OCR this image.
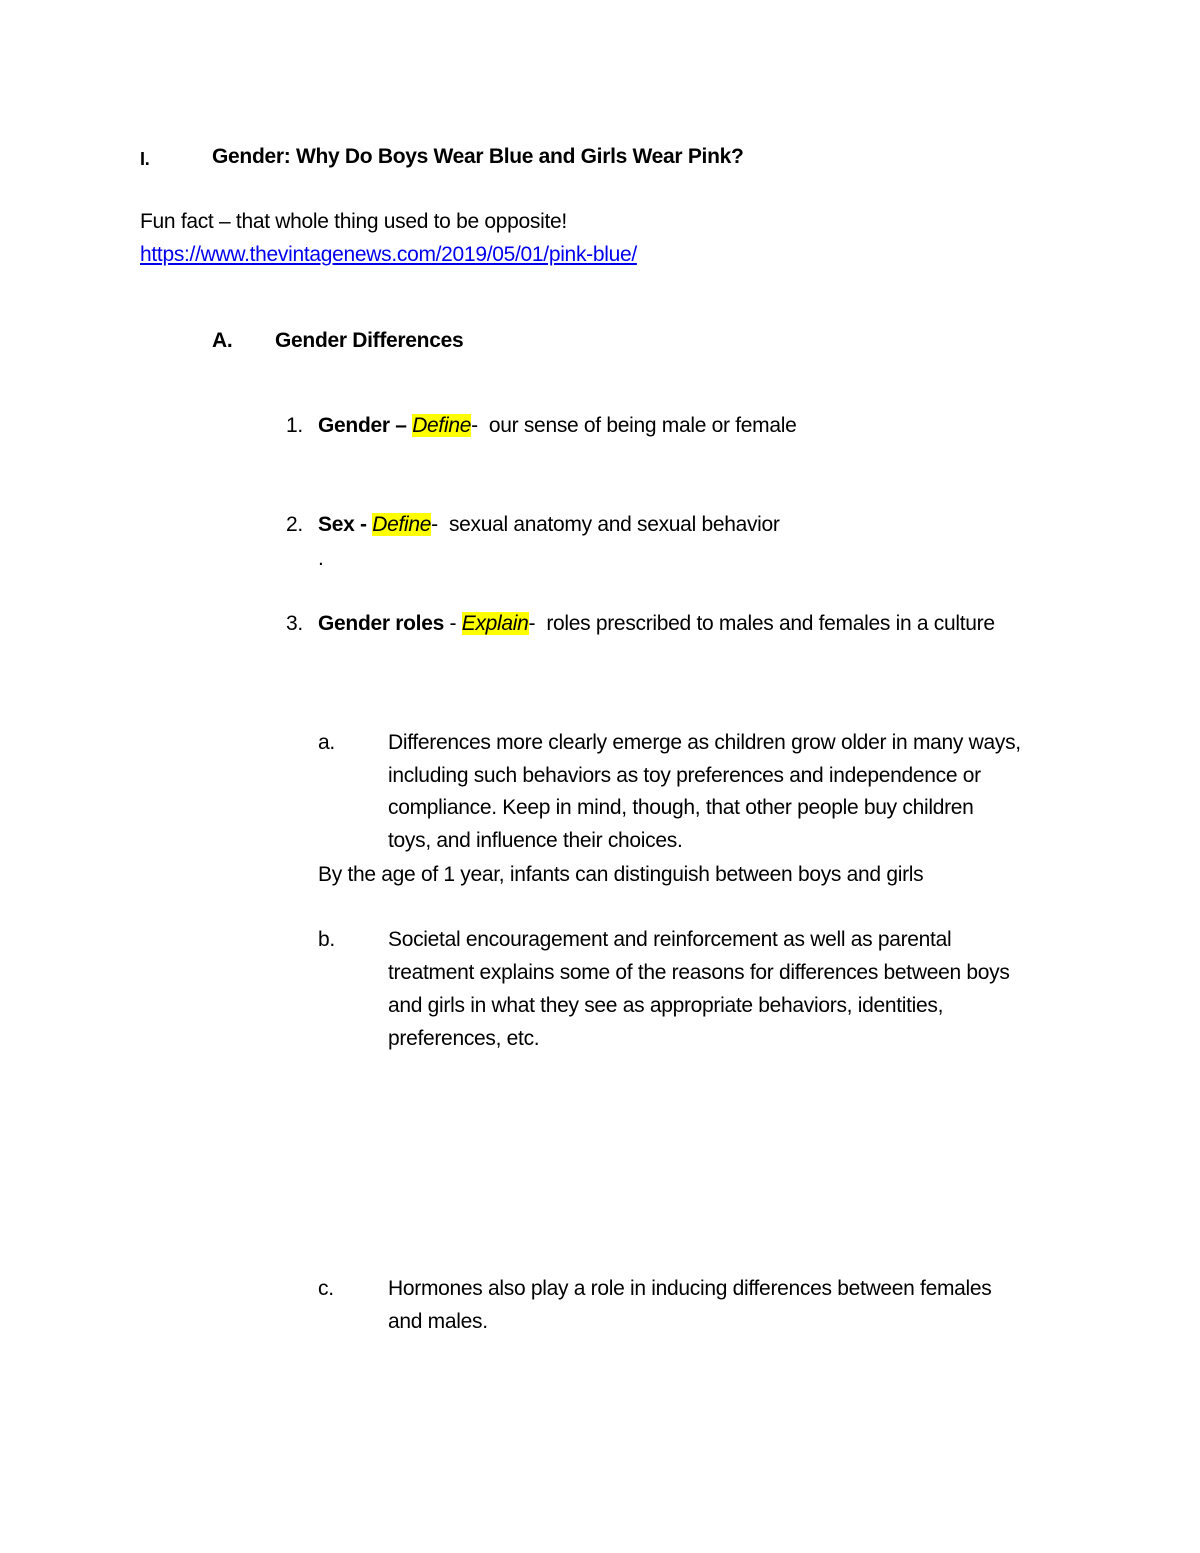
I.	Gender: Why Do Boys Wear Blue and Girls Wear Pink?
Fun fact – that whole thing used to be opposite!
https://www.thevintagenews.com/2019/05/01/pink-blue/
A. Gender Differences
1. Gender – Define- our sense of being male or female
2. Sex - Define- sexual anatomy and sexual behavior
.
3. Gender roles - Explain- roles prescribed to males and females in a culture
a.	Differences more clearly emerge as children grow older in many ways,
including such behaviors as toy preferences and independence or
compliance. Keep in mind, though, that other people buy children
toys, and influence their choices.
By the age of 1 year, infants can distinguish between boys and girls
b.	Societal encouragement and reinforcement as well as parental
treatment explains some of the reasons for differences between boys
and girls in what they see as appropriate behaviors, identities,
preferences, etc.
c.	Hormones also play a role in inducing differences between females
and males.
